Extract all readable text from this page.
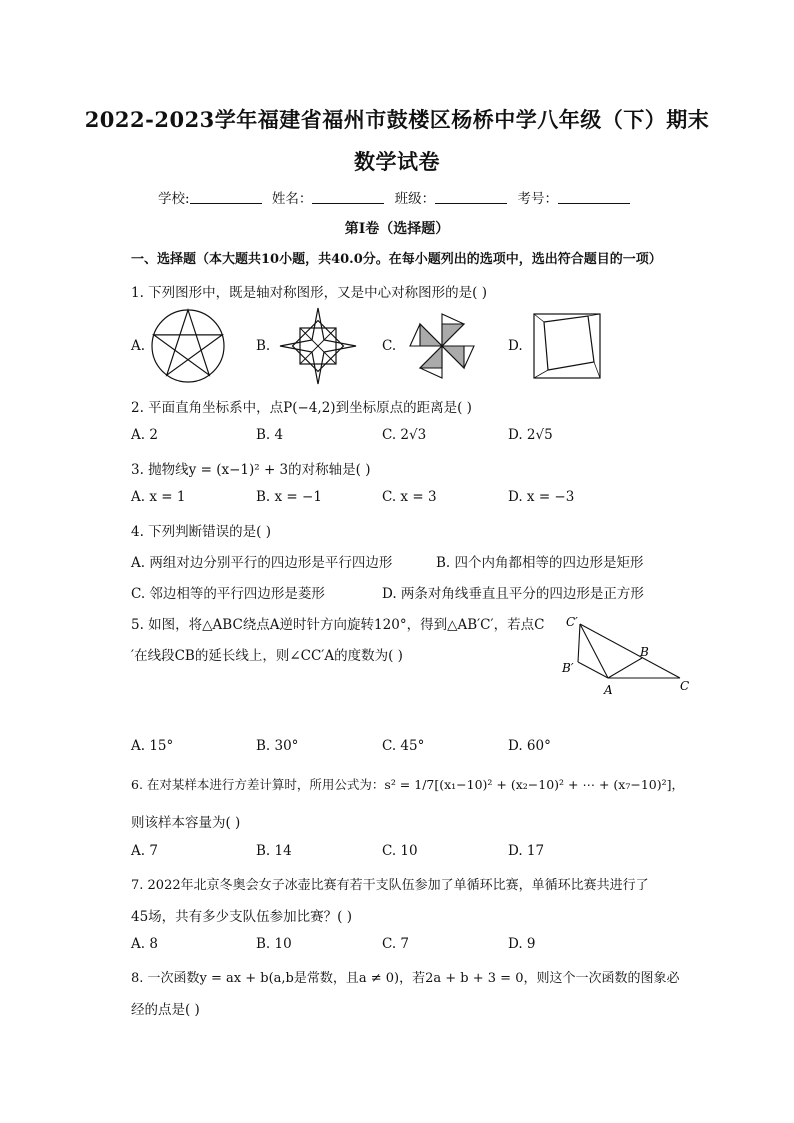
2022-2023学年福建省福州市鼓楼区杨桥中学八年级（下）期末
数学试卷
学校:	姓名：	班级：	考号：
第Ⅰ卷（选择题）
一、选择题（本大题共10小题，共40.0分。在每小题列出的选项中，选出符合题目的一项）
1. 下列图形中，既是轴对称图形，又是中心对称图形的是( )
A.	B.	C.	D.
2. 平面直角坐标系中，点P(−4,2)到坐标原点的距离是( )
A. 2	B. 4	C. 2√3	D. 2√5
3. 抛物线y = (x−1)² + 3的对称轴是( )
A. x = 1	B. x = −1	C. x = 3	D. x = −3
4. 下列判断错误的是( )
A. 两组对边分别平行的四边形是平行四边形	B. 四个内角都相等的四边形是矩形
C. 邻边相等的平行四边形是菱形	D. 两条对角线垂直且平分的四边形是正方形
5. 如图，将△ABC绕点A逆时针方向旋转120°，得到△AB′C′，若点C
′在线段CB的延长线上，则∠CC′A的度数为( )
C′
B′
B
A	C
A. 15°	B. 30°	C. 45°	D. 60°
6. 在对某样本进行方差计算时，所用公式为：s² = 1/7[(x₁−10)² + (x₂−10)² + ⋯ + (x₇−10)²]，
则该样本容量为( )
A. 7	B. 14	C. 10	D. 17
7. 2022年北京冬奥会女子冰壶比赛有若干支队伍参加了单循环比赛，单循环比赛共进行了
45场，共有多少支队伍参加比赛？( )
A. 8	B. 10	C. 7	D. 9
8. 一次函数y = ax + b(a,b是常数，且a ≠ 0)，若2a + b + 3 = 0，则这个一次函数的图象必
经的点是( )
